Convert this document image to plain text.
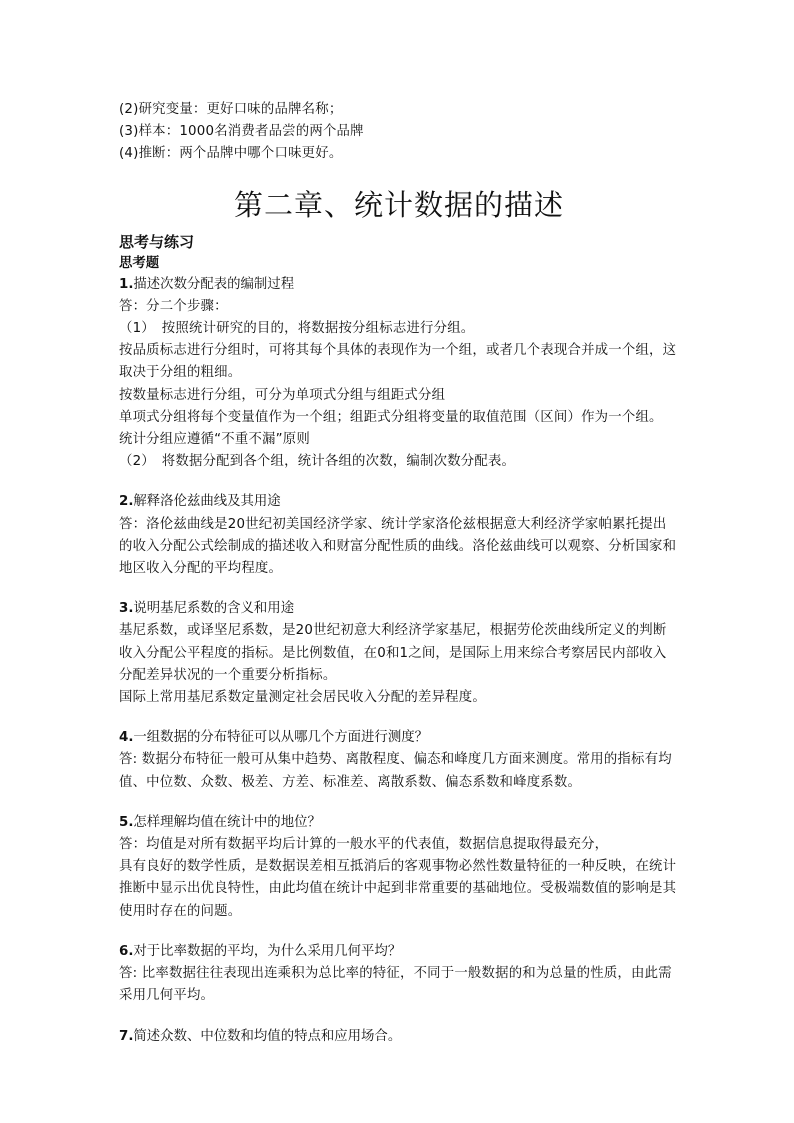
(2)研究变量：更好口味的品牌名称；
(3)样本：1000名消费者品尝的两个品牌
(4)推断：两个品牌中哪个口味更好。
第二章、统计数据的描述
思考与练习
思考题
1.描述次数分配表的编制过程
答：分二个步骤：
（1）　按照统计研究的目的，将数据按分组标志进行分组。
按品质标志进行分组时，可将其每个具体的表现作为一个组，或者几个表现合并成一个组，这取决于分组的粗细。
按数量标志进行分组，可分为单项式分组与组距式分组
单项式分组将每个变量值作为一个组；组距式分组将变量的取值范围（区间）作为一个组。
统计分组应遵循“不重不漏”原则
（2）　将数据分配到各个组，统计各组的次数，编制次数分配表。
2.解释洛伦兹曲线及其用途
答：洛伦兹曲线是20世纪初美国经济学家、统计学家洛伦兹根据意大利经济学家帕累托提出的收入分配公式绘制成的描述收入和财富分配性质的曲线。洛伦兹曲线可以观察、分析国家和地区收入分配的平均程度。
3.说明基尼系数的含义和用途
基尼系数，或译坚尼系数，是20世纪初意大利经济学家基尼，根据劳伦茨曲线所定义的判断收入分配公平程度的指标。是比例数值，在0和1之间，是国际上用来综合考察居民内部收入分配差异状况的一个重要分析指标。
国际上常用基尼系数定量测定社会居民收入分配的差异程度。
4.一组数据的分布特征可以从哪几个方面进行测度？
答: 数据分布特征一般可从集中趋势、离散程度、偏态和峰度几方面来测度。常用的指标有均值、中位数、众数、极差、方差、标准差、离散系数、偏态系数和峰度系数。
5.怎样理解均值在统计中的地位？
答：均值是对所有数据平均后计算的一般水平的代表值，数据信息提取得最充分，
具有良好的数学性质，是数据误差相互抵消后的客观事物必然性数量特征的一种反映，在统计推断中显示出优良特性，由此均值在统计中起到非常重要的基础地位。受极端数值的影响是其使用时存在的问题。
6.对于比率数据的平均，为什么采用几何平均？
答: 比率数据往往表现出连乘积为总比率的特征，不同于一般数据的和为总量的性质，由此需采用几何平均。
7.简述众数、中位数和均值的特点和应用场合。
